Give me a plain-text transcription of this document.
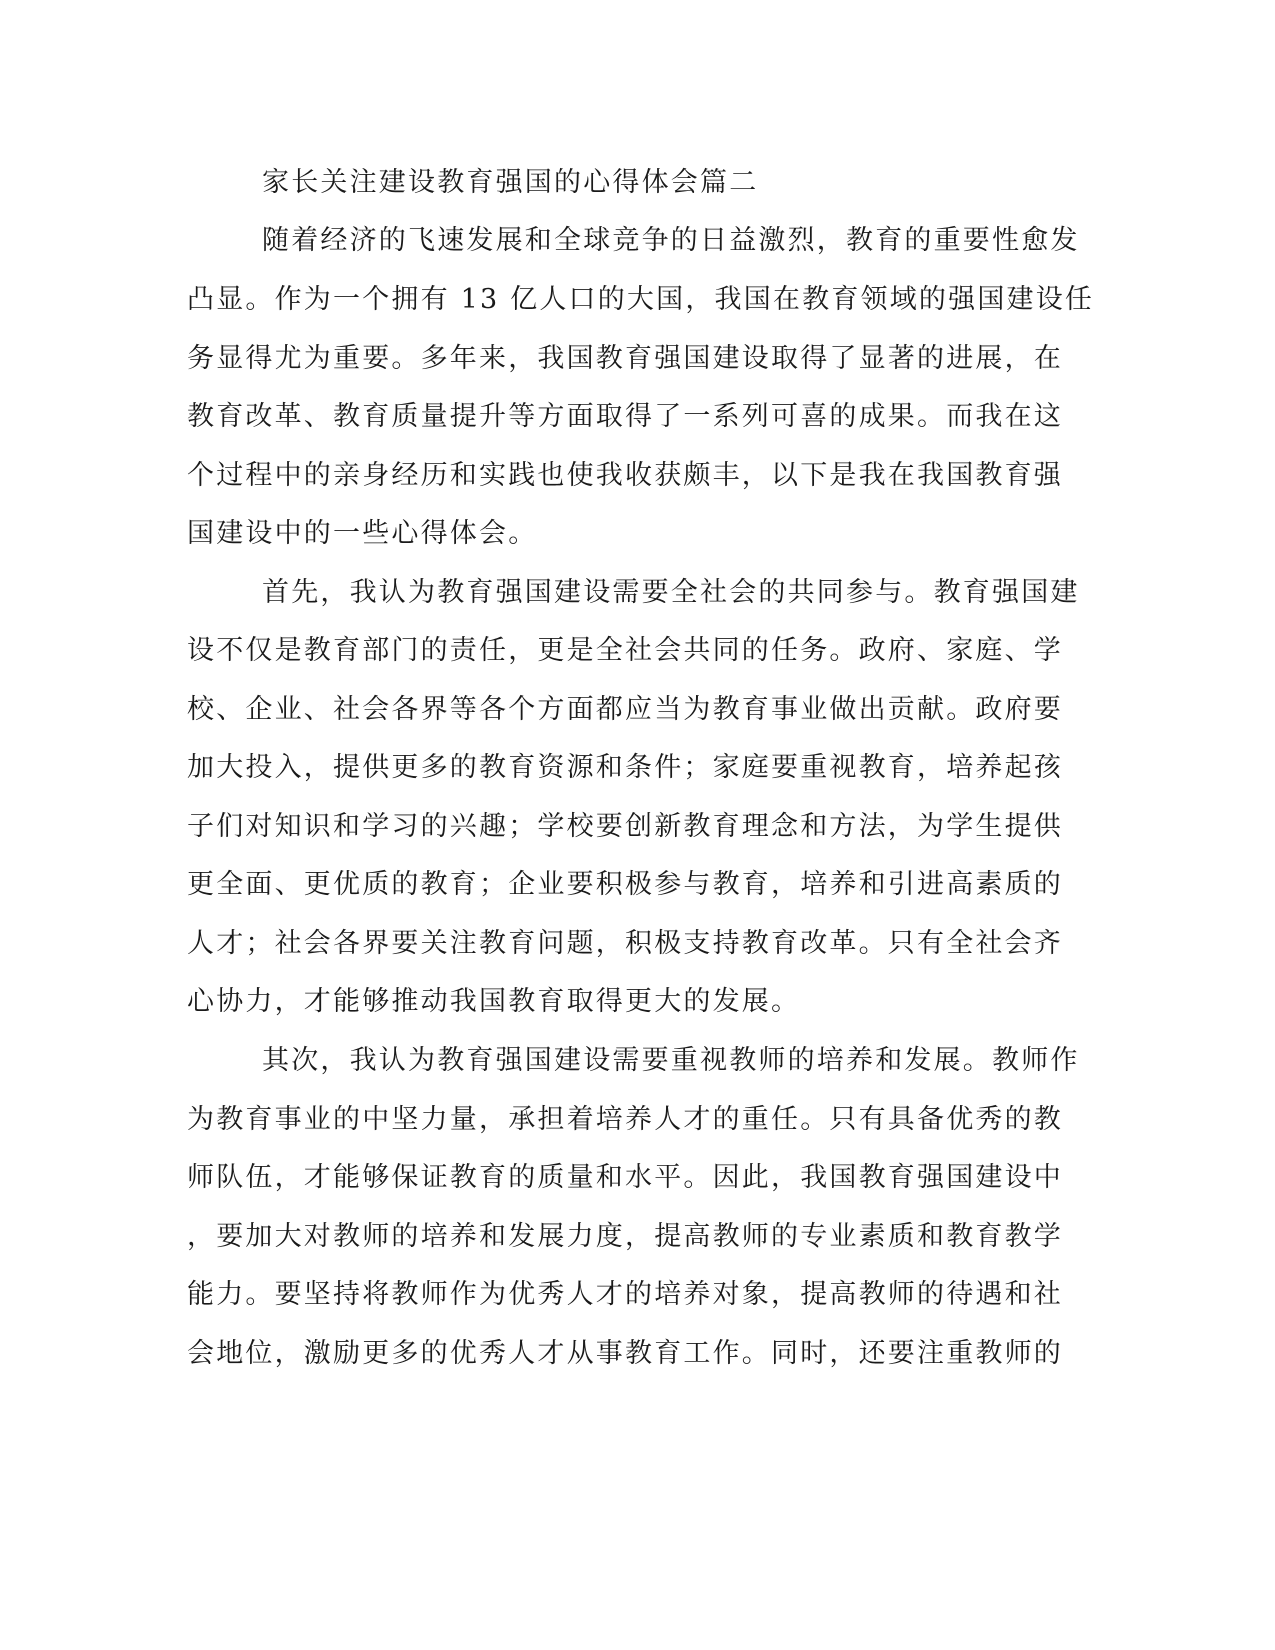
家长关注建设教育强国的心得体会篇二
随着经济的飞速发展和全球竞争的日益激烈，教育的重要性愈发
凸显。作为一个拥有 13 亿人口的大国，我国在教育领域的强国建设任
务显得尤为重要。多年来，我国教育强国建设取得了显著的进展，在
教育改革、教育质量提升等方面取得了一系列可喜的成果。而我在这
个过程中的亲身经历和实践也使我收获颇丰，以下是我在我国教育强
国建设中的一些心得体会。
首先，我认为教育强国建设需要全社会的共同参与。教育强国建
设不仅是教育部门的责任，更是全社会共同的任务。政府、家庭、学
校、企业、社会各界等各个方面都应当为教育事业做出贡献。政府要
加大投入，提供更多的教育资源和条件；家庭要重视教育，培养起孩
子们对知识和学习的兴趣；学校要创新教育理念和方法，为学生提供
更全面、更优质的教育；企业要积极参与教育，培养和引进高素质的
人才；社会各界要关注教育问题，积极支持教育改革。只有全社会齐
心协力，才能够推动我国教育取得更大的发展。
其次，我认为教育强国建设需要重视教师的培养和发展。教师作
为教育事业的中坚力量，承担着培养人才的重任。只有具备优秀的教
师队伍，才能够保证教育的质量和水平。因此，我国教育强国建设中
，要加大对教师的培养和发展力度，提高教师的专业素质和教育教学
能力。要坚持将教师作为优秀人才的培养对象，提高教师的待遇和社
会地位，激励更多的优秀人才从事教育工作。同时，还要注重教师的
